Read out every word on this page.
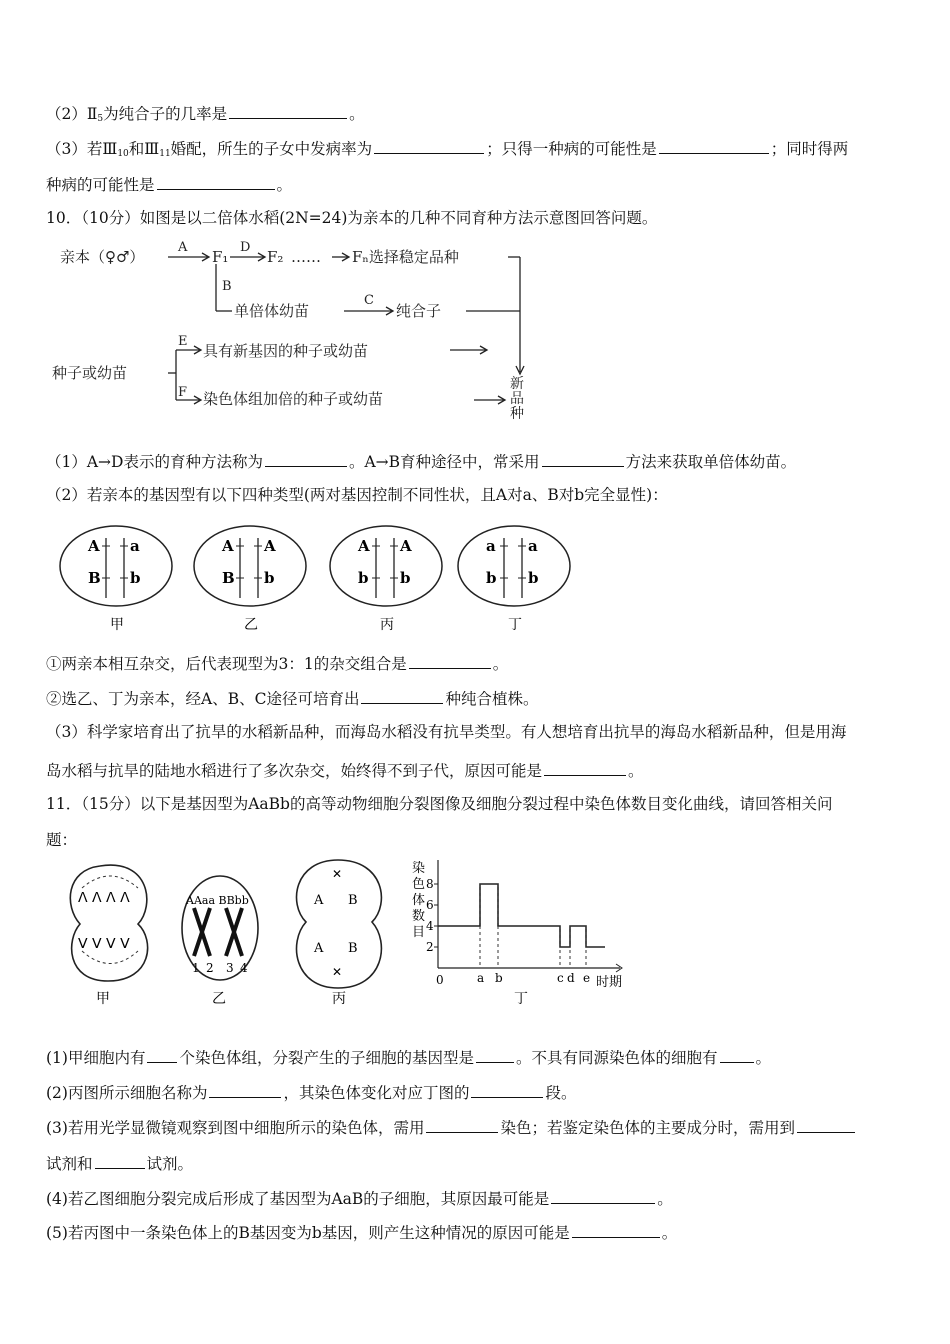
$(2)Ⅱ_5$为纯合子的几率是	。
（3）若$Ⅲ_{10}$和$Ⅲ_{11}$婚配，所生的子女中发病率为	；只得一种病的可能性是	；同时得两
种病的可能性是	。
10．（10分）如图是以二倍体水稻(2N=24)为亲本的几种不同育种方法示意图回答问题。
亲本（♀♂）
A
F₁
D
F₂ …… Fₙ选择稳定品种
B
单倍体幼苗
C
纯合子
种子或幼苗
E
具有新基因的种子或幼苗
F 染色体组加倍的种子或幼苗
新
品
种
（1）A→D表示的育种方法称为	。A→B育种途径中，常采用	方法来获取单倍体幼苗。
（2）若亲本的基因型有以下四种类型(两对基因控制不同性状，且A对a、B对b完全显性)：
A a
B b
甲
A A
B b
乙
A A
b b
丙
a a
b b
丁
①两亲本相互杂交，后代表现型为3：1的杂交组合是	。
②选乙、丁为亲本，经A、B、C途径可培育出	种纯合植株。
（3）科学家培育出了抗旱的水稻新品种，而海岛水稻没有抗旱类型。有人想培育出抗旱的海岛水稻新品种，但是用海
岛水稻与抗旱的陆地水稻进行了多次杂交，始终得不到子代，原因可能是	。
11．（15分）以下是基因型为AaBb的高等动物细胞分裂图像及细胞分裂过程中染色体数目变化曲线，请回答相关问
题：
ᐱ ᐱ ᐱ ᐱ
ᐯ ᐯ ᐯ ᐯ
甲
AAaa BBbb
1 2 3 4
乙
✕
✕
A B
A B
丙
染
色
体
数
目
2
4
6
8
0	a b	c d e 时期
丁
(1)甲细胞内有 个染色体组，分裂产生的子细胞的基因型是	。不具有同源染色体的细胞有 。
(2)丙图所示细胞名称为	，其染色体变化对应丁图的	段。
(3)若用光学显微镜观察到图中细胞所示的染色体，需用	染色；若鉴定染色体的主要成分时，需用到
试剂和	试剂。
(4)若乙图细胞分裂完成后形成了基因型为AaB的子细胞，其原因最可能是	。
(5)若丙图中一条染色体上的B基因变为b基因，则产生这种情况的原因可能是	。
